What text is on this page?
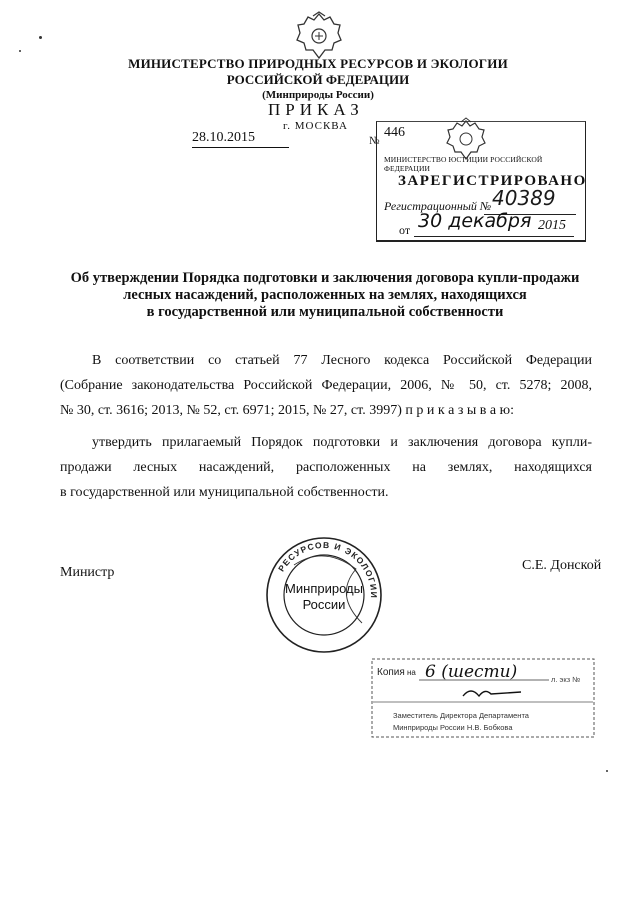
МИНИСТЕРСТВО ПРИРОДНЫХ РЕСУРСОВ И ЭКОЛОГИИ
РОССИЙСКОЙ ФЕДЕРАЦИИ
(Минприроды России)
ПРИКАЗ
г. МОСКВА
28.10.2015	№
446
МИНИСТЕРСТВО ЮСТИЦИИ РОССИЙСКОЙ ФЕДЕРАЦИИ
ЗАРЕГИСТРИРОВАНО
Регистрационный № 40389
от 30 декабря 2015
Об утверждении Порядка подготовки и заключения договора купли-продажи
лесных насаждений, расположенных на землях, находящихся
в государственной или муниципальной собственности
В соответствии со статьей 77 Лесного кодекса Российской Федерации
(Собрание законодательства Российской Федерации, 2006, № 50, ст. 5278; 2008,
№ 30, ст. 3616; 2013, № 52, ст. 6971; 2015, № 27, ст. 3997) п р и к а з ы в а ю:
утвердить прилагаемый Порядок подготовки и заключения договора купли-
продажи лесных насаждений, расположенных на землях, находящихся
в государственной или муниципальной собственности.
Министр	С.Е. Донской
РЕСУРСОВ И ЭКОЛОГИИ
Минприроды
России
Копия на 6 (шести)	л. экз №
Заместитель Директора Департамента
Минприроды России Н.В. Бобкова
